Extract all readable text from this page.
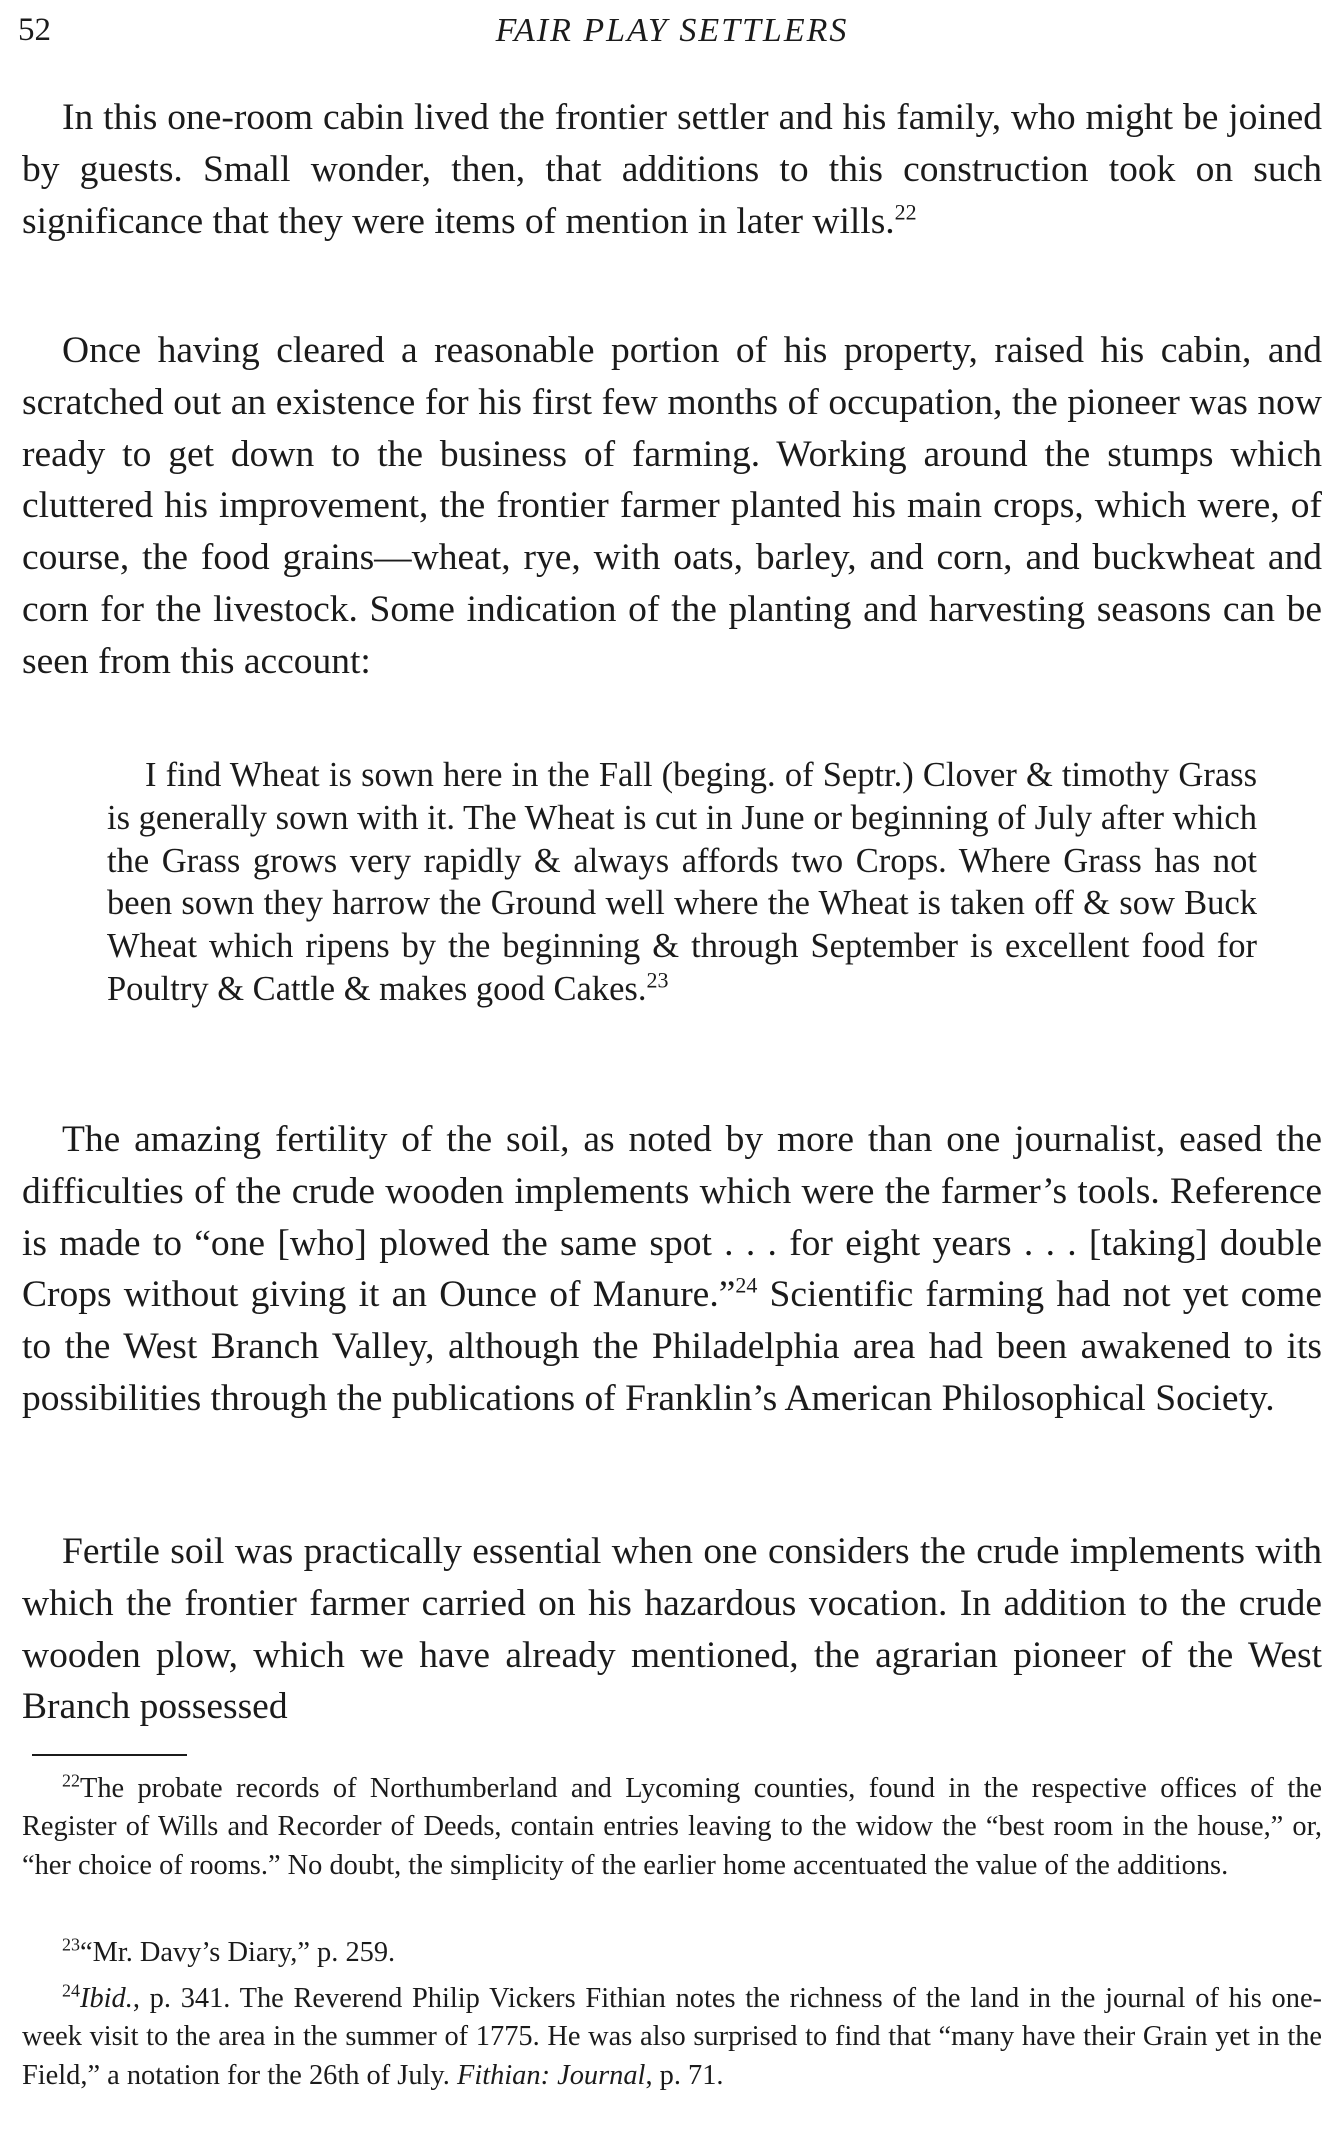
52	FAIR PLAY SETTLERS

In this one-room cabin lived the frontier settler and his family, who might be joined by guests. Small wonder, then, that additions to this construction took on such significance that they were items of mention in later wills.$^{22}$

Once having cleared a reasonable portion of his property, raised his cabin, and scratched out an existence for his first few months of occupation, the pioneer was now ready to get down to the business of farming. Working around the stumps which cluttered his improvement, the frontier farmer planted his main crops, which were, of course, the food grains—wheat, rye, with oats, barley, and corn, and buckwheat and corn for the livestock. Some indication of the planting and harvesting seasons can be seen from this account:

I find Wheat is sown here in the Fall (beging. of Septr.) Clover & timothy Grass is generally sown with it. The Wheat is cut in June or beginning of July after which the Grass grows very rapidly & always affords two Crops. Where Grass has not been sown they harrow the Ground well where the Wheat is taken off & sow Buck Wheat which ripens by the beginning & through September is excellent food for Poultry & Cattle & makes good Cakes.$^{23}$

The amazing fertility of the soil, as noted by more than one journalist, eased the difficulties of the crude wooden implements which were the farmer’s tools. Reference is made to “one [who] plowed the same spot . . . for eight years . . . [taking] double Crops without giving it an Ounce of Manure.”$^{24}$ Scientific farming had not yet come to the West Branch Valley, although the Philadelphia area had been awakened to its possibilities through the publications of Franklin’s American Philosophical Society.

Fertile soil was practically essential when one considers the crude implements with which the frontier farmer carried on his hazardous vocation. In addition to the crude wooden plow, which we have already mentioned, the agrarian pioneer of the West Branch possessed

$^{22}$The probate records of Northumberland and Lycoming counties, found in the respective offices of the Register of Wills and Recorder of Deeds, contain entries leaving to the widow the “best room in the house,” or, “her choice of rooms.” No doubt, the simplicity of the earlier home accentuated the value of the additions.

$^{23}$“Mr. Davy’s Diary,” p. 259.

$^{24}$Ibid., p. 341. The Reverend Philip Vickers Fithian notes the richness of the land in the journal of his one-week visit to the area in the summer of 1775. He was also surprised to find that “many have their Grain yet in the Field,” a notation for the 26th of July. Fithian: Journal, p. 71.
